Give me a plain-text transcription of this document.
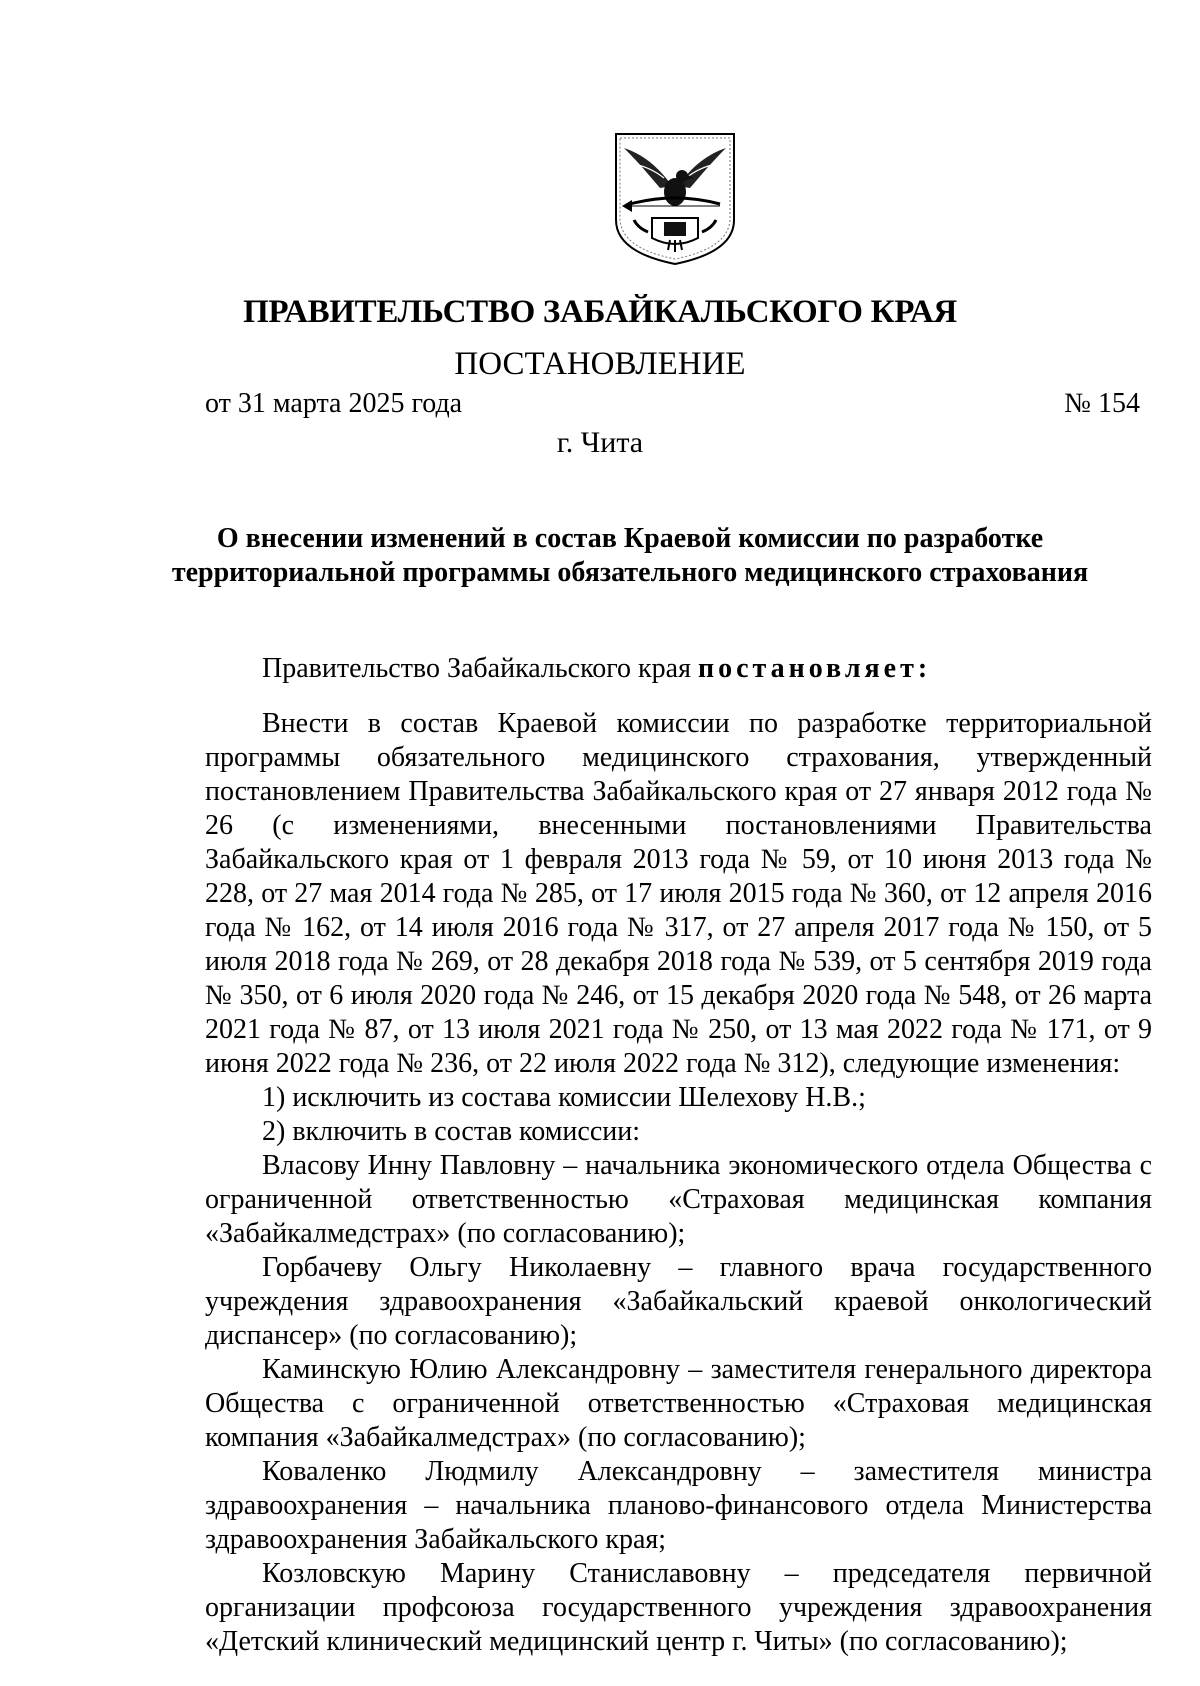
ПРАВИТЕЛЬСТВО ЗАБАЙКАЛЬСКОГО КРАЯ
ПОСТАНОВЛЕНИЕ
от 31 марта 2025 года	№ 154
г. Чита
О внесении изменений в состав Краевой комиссии по разработке территориальной программы обязательного медицинского страхования

Правительство Забайкальского края постановляет:

Внести в состав Краевой комиссии по разработке территориальной программы обязательного медицинского страхования, утвержденный постановлением Правительства Забайкальского края от 27 января 2012 года № 26 (с изменениями, внесенными постановлениями Правительства Забайкальского края от 1 февраля 2013 года № 59, от 10 июня 2013 года № 228, от 27 мая 2014 года № 285, от 17 июля 2015 года № 360, от 12 апреля 2016 года № 162, от 14 июля 2016 года № 317, от 27 апреля 2017 года № 150, от 5 июля 2018 года № 269, от 28 декабря 2018 года № 539, от 5 сентября 2019 года № 350, от 6 июля 2020 года № 246, от 15 декабря 2020 года № 548, от 26 марта 2021 года № 87, от 13 июля 2021 года № 250, от 13 мая 2022 года № 171, от 9 июня 2022 года № 236, от 22 июля 2022 года № 312), следующие изменения:

1) исключить из состава комиссии Шелехову Н.В.;

2) включить в состав комиссии:

Власову Инну Павловну – начальника экономического отдела Общества с ограниченной ответственностью «Страховая медицинская компания «Забайкалмедстрах» (по согласованию);

Горбачеву Ольгу Николаевну – главного врача государственного учреждения здравоохранения «Забайкальский краевой онкологический диспансер» (по согласованию);

Каминскую Юлию Александровну – заместителя генерального директора Общества с ограниченной ответственностью «Страховая медицинская компания «Забайкалмедстрах» (по согласованию);

Коваленко Людмилу Александровну – заместителя министра здравоохранения – начальника планово-финансового отдела Министерства здравоохранения Забайкальского края;

Козловскую Марину Станиславовну – председателя первичной организации профсоюза государственного учреждения здравоохранения «Детский клинический медицинский центр г. Читы» (по согласованию);
